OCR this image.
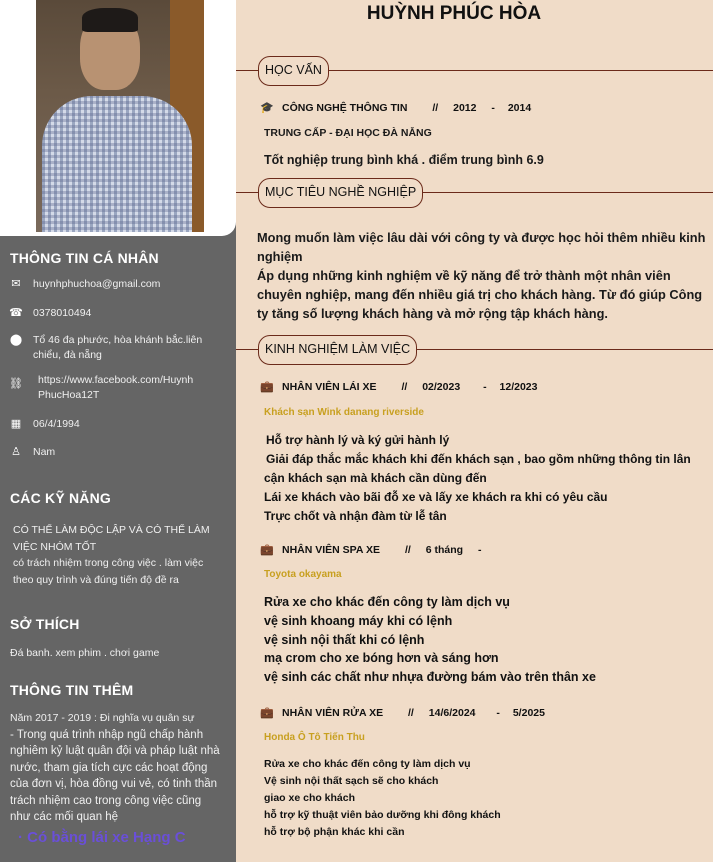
THÔNG TIN CÁ NHÂN
✉ huynhphuchoa@gmail.com
☎ 0378010494
⬤ Tổ 46 đa phước, hòa khánh bắc.liên chiểu, đà nẵng
⛓ https://www.facebook.com/Huynh
PhucHoa12T
▦ 06/4/1994
♙ Nam
CÁC KỸ NĂNG
CÓ THỂ LÀM ĐỘC LẬP VÀ CÓ THỂ LÀM
VIỆC NHÓM TỐT
có trách nhiệm trong công việc . làm việc
theo quy trình và đúng tiến độ đề ra
SỞ THÍCH
Đá banh. xem phim . chơi game
THÔNG TIN THÊM
Năm 2017 - 2019 : Đi nghĩa vụ quân sự
- Trong quá trình nhập ngũ chấp hành
nghiêm kỷ luật quân đội và pháp luật nhà
nước, tham gia tích cực các hoạt động
của đơn vị, hòa đồng vui vẻ, có tinh thần
trách nhiệm cao trong công việc cũng
như các mối quan hệ
· Có bằng lái xe Hạng C
HUỲNH PHÚC HÒA
HỌC VẤN
🎓 CÔNG NGHỆ THÔNG TIN // 2012 - 2014
TRUNG CẤP - ĐẠI HỌC ĐÀ NẴNG
Tốt nghiệp trung bình khá . điểm trung bình 6.9
MỤC TIÊU NGHỀ NGHIỆP
Mong muốn làm việc lâu dài với công ty và được học hỏi thêm nhiều kinh
nghiệm
Áp dụng những kinh nghiệm về kỹ năng để trở thành một nhân viên
chuyên nghiệp, mang đến nhiều giá trị cho khách hàng. Từ đó giúp Công
ty tăng số lượng khách hàng và mở rộng tập khách hàng.
KINH NGHIỆM LÀM VIỆC
💼 NHÂN VIÊN LÁI XE // 02/2023 - 12/2023
Khách sạn Wink danang riverside
Hỗ trợ hành lý và ký gửi hành lý
Giải đáp thắc mắc khách khi đến khách sạn , bao gồm những thông tin lân
cận khách sạn mà khách cần dùng đến
Lái xe khách vào bãi đỗ xe và lấy xe khách ra khi có yêu cầu
Trực chốt và nhận đàm từ lễ tân
💼 NHÂN VIÊN SPA XE // 6 tháng -
Toyota okayama
Rửa xe cho khác đến công ty làm dịch vụ
vệ sinh khoang máy khi có lệnh
vệ sinh nội thất khi có lệnh
mạ crom cho xe bóng hơn và sáng hơn
vệ sinh các chất như nhựa đường bám vào trên thân xe
💼 NHÂN VIÊN RỬA XE // 14/6/2024 - 5/2025
Honda Ô Tô Tiến Thu
Rửa xe cho khác đến công ty làm dịch vụ
Vệ sinh nội thất sạch sẽ cho khách
giao xe cho khách
hỗ trợ kỹ thuật viên bảo dưỡng khi đông khách
hỗ trợ bộ phận khác khi cần
